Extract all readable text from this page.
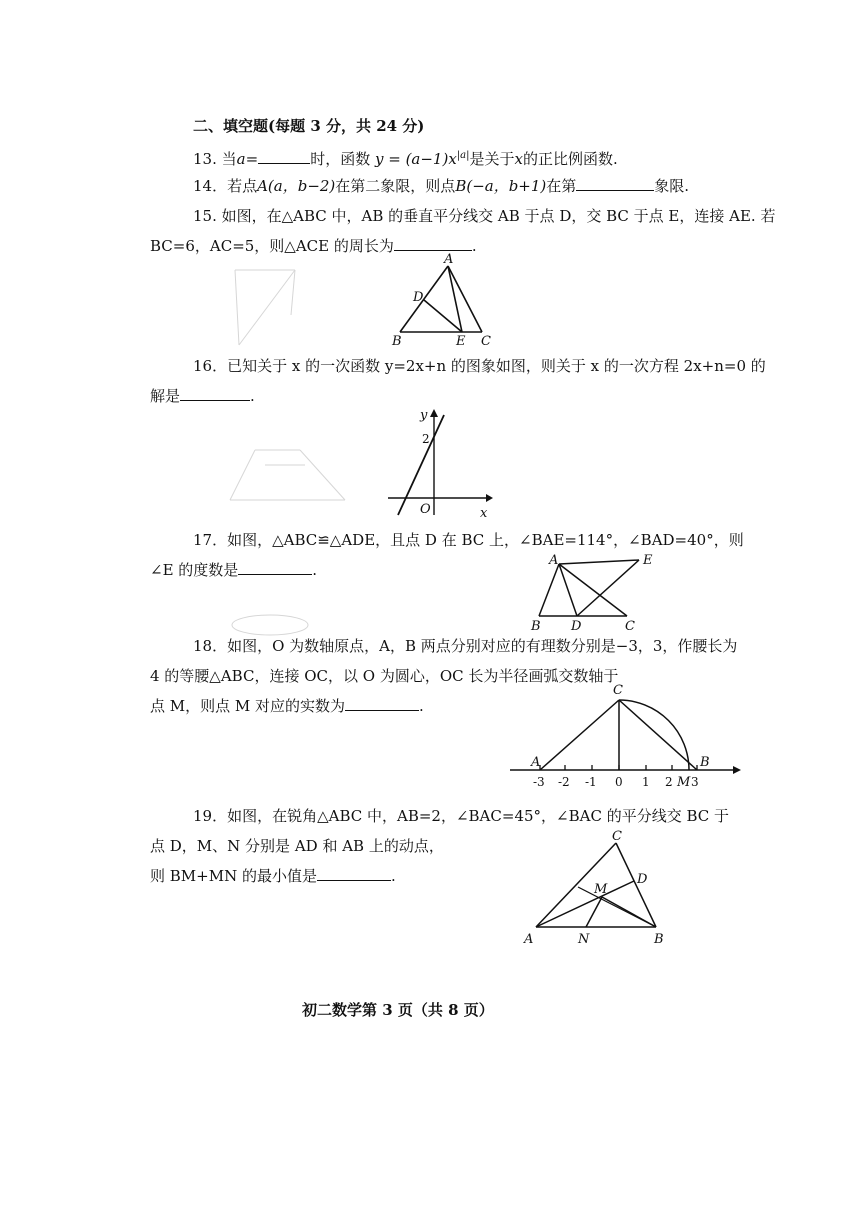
二、填空题(每题 3 分，共 24 分)
13. 当a=	时，函数 $y = (a-1)x^{|a|}$是关于x的正比例函数.
14．若点A(a，b−2)在第二象限，则点B(−a，b+1)在第	象限.
15. 如图，在△ABC 中，AB 的垂直平分线交 AB 于点 D，交 BC 于点 E，连接 AE. 若
BC=6，AC=5，则△ACE 的周长为	.
A
B	C
D
E
16．已知关于 x 的一次函数 y=2x+n 的图象如图，则关于 x 的一次方程 2x+n=0 的
解是	.
y
2
O	x
17．如图，△ABC≌△ADE，且点 D 在 BC 上，∠BAE=114°，∠BAD=40°，则
∠E 的度数是	.
A	E
B D	C
18．如图，O 为数轴原点，A，B 两点分别对应的有理数分别是−3，3，作腰长为
4 的等腰△ABC，连接 OC，以 O 为圆心，OC 长为半径画弧交数轴于
点 M，则点 M 对应的实数为	.
C
A	B
M
-3 -2 -1 0 1 2 3
19．如图，在锐角△ABC 中，AB=2，∠BAC=45°，∠BAC 的平分线交 BC 于
点 D，M、N 分别是 AD 和 AB 上的动点，
则 BM+MN 的最小值是	.
C
D
M
A	N	B
初二数学第 3 页（共 8 页）
